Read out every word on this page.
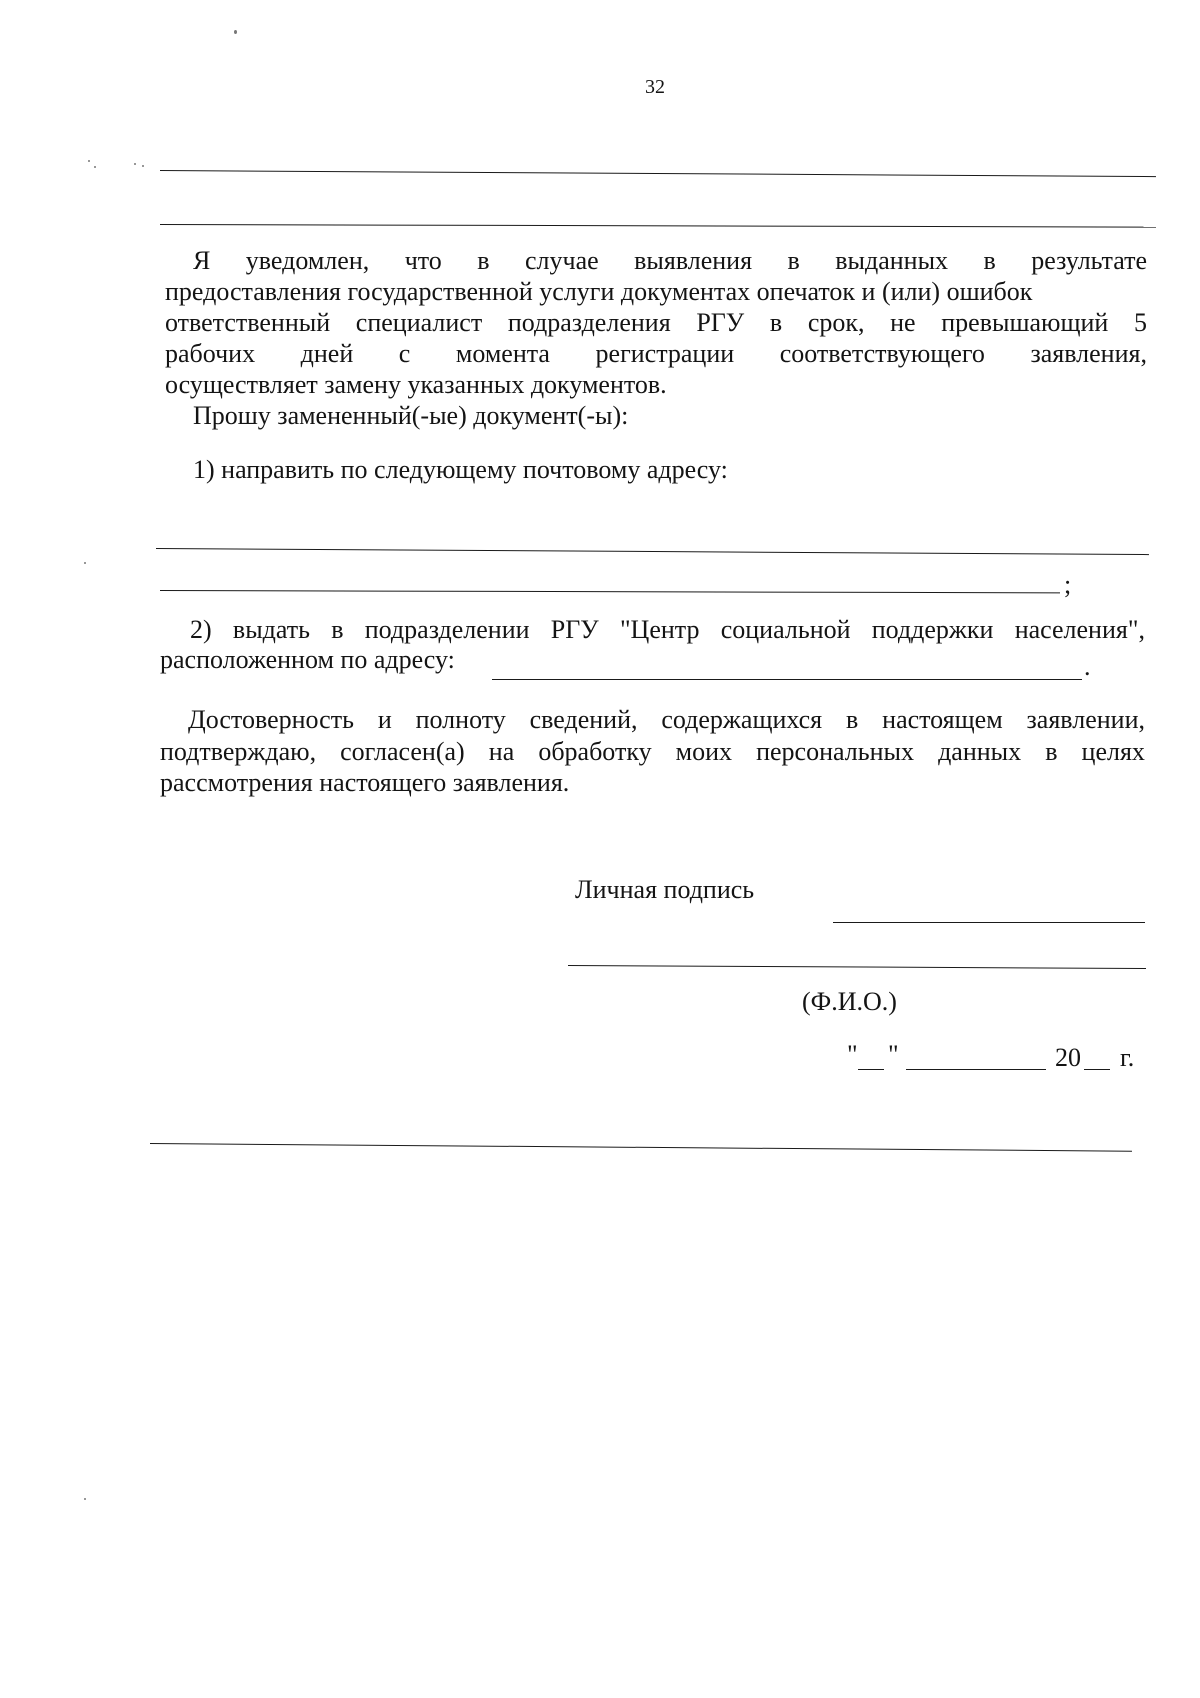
32
Я уведомлен, что в случае выявления в выданных в результате
предоставления государственной услуги документах опечаток и (или) ошибок
ответственный специалист подразделения РГУ в срок, не превышающий 5
рабочих дней с момента регистрации соответствующего заявления,
осуществляет замену указанных документов.
Прошу замененный(-ые) документ(-ы):
1) направить по следующему почтовому адресу:
;
2) выдать в подразделении РГУ "Центр социальной поддержки населения",
расположенном по адресу:	.
Достоверность и полноту сведений, содержащихся в настоящем заявлении,
подтверждаю, согласен(а) на обработку моих персональных данных в целях
рассмотрения настоящего заявления.
Личная подпись
(Ф.И.О.)
" "	20 г.
